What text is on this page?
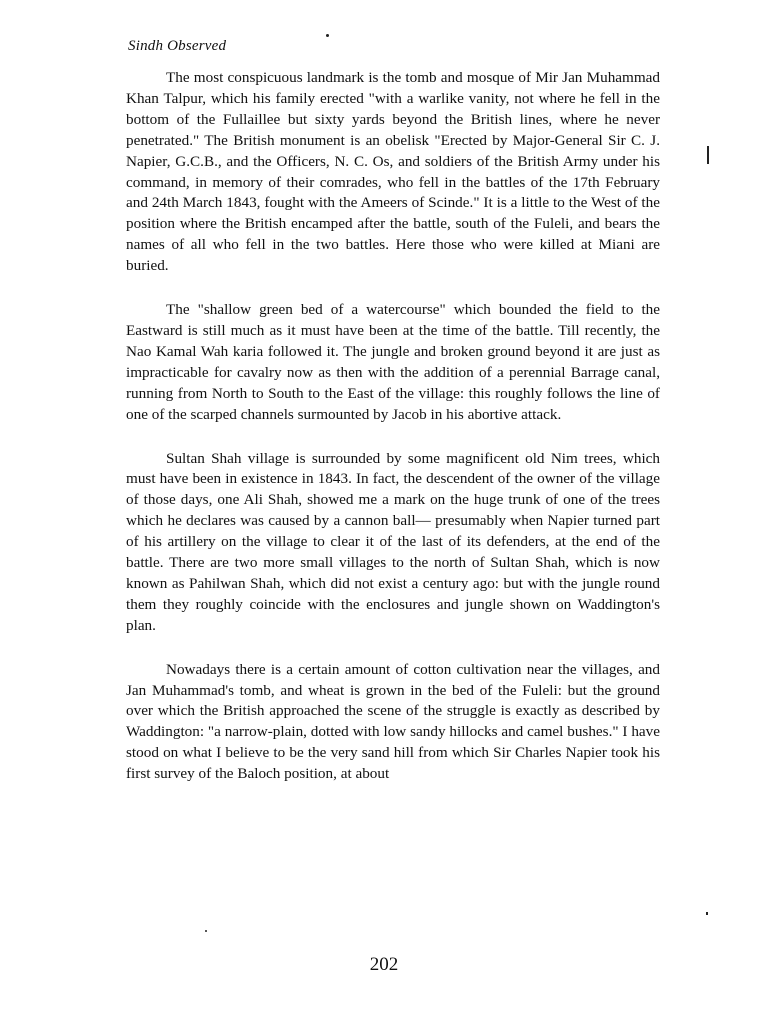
Sindh Observed

The most conspicuous landmark is the tomb and mosque of Mir Jan Muhammad Khan Talpur, which his family erected "with a warlike vanity, not where he fell in the bottom of the Fullaillee but sixty yards beyond the British lines, where he never penetrated." The British monument is an obelisk "Erected by Major-General Sir C. J. Napier, G.C.B., and the Officers, N. C. Os, and soldiers of the British Army under his command, in memory of their comrades, who fell in the battles of the 17th February and 24th March 1843, fought with the Ameers of Scinde." It is a little to the West of the position where the British encamped after the battle, south of the Fuleli, and bears the names of all who fell in the two battles. Here those who were killed at Miani are buried.

The "shallow green bed of a watercourse" which bounded the field to the Eastward is still much as it must have been at the time of the battle. Till recently, the Nao Kamal Wah karia followed it. The jungle and broken ground beyond it are just as impracticable for cavalry now as then with the addition of a perennial Barrage canal, running from North to South to the East of the village: this roughly follows the line of one of the scarped channels surmounted by Jacob in his abortive attack.

Sultan Shah village is surrounded by some magnificent old Nim trees, which must have been in existence in 1843. In fact, the descendent of the owner of the village of those days, one Ali Shah, showed me a mark on the huge trunk of one of the trees which he declares was caused by a cannon ball— presumably when Napier turned part of his artillery on the village to clear it of the last of its defenders, at the end of the battle. There are two more small villages to the north of Sultan Shah, which is now known as Pahilwan Shah, which did not exist a century ago: but with the jungle round them they roughly coincide with the enclosures and jungle shown on Waddington's plan.

Nowadays there is a certain amount of cotton cultivation near the villages, and Jan Muhammad's tomb, and wheat is grown in the bed of the Fuleli: but the ground over which the British approached the scene of the struggle is exactly as described by Waddington: "a narrow-plain, dotted with low sandy hillocks and camel bushes." I have stood on what I believe to be the very sand hill from which Sir Charles Napier took his first survey of the Baloch position, at about

202
